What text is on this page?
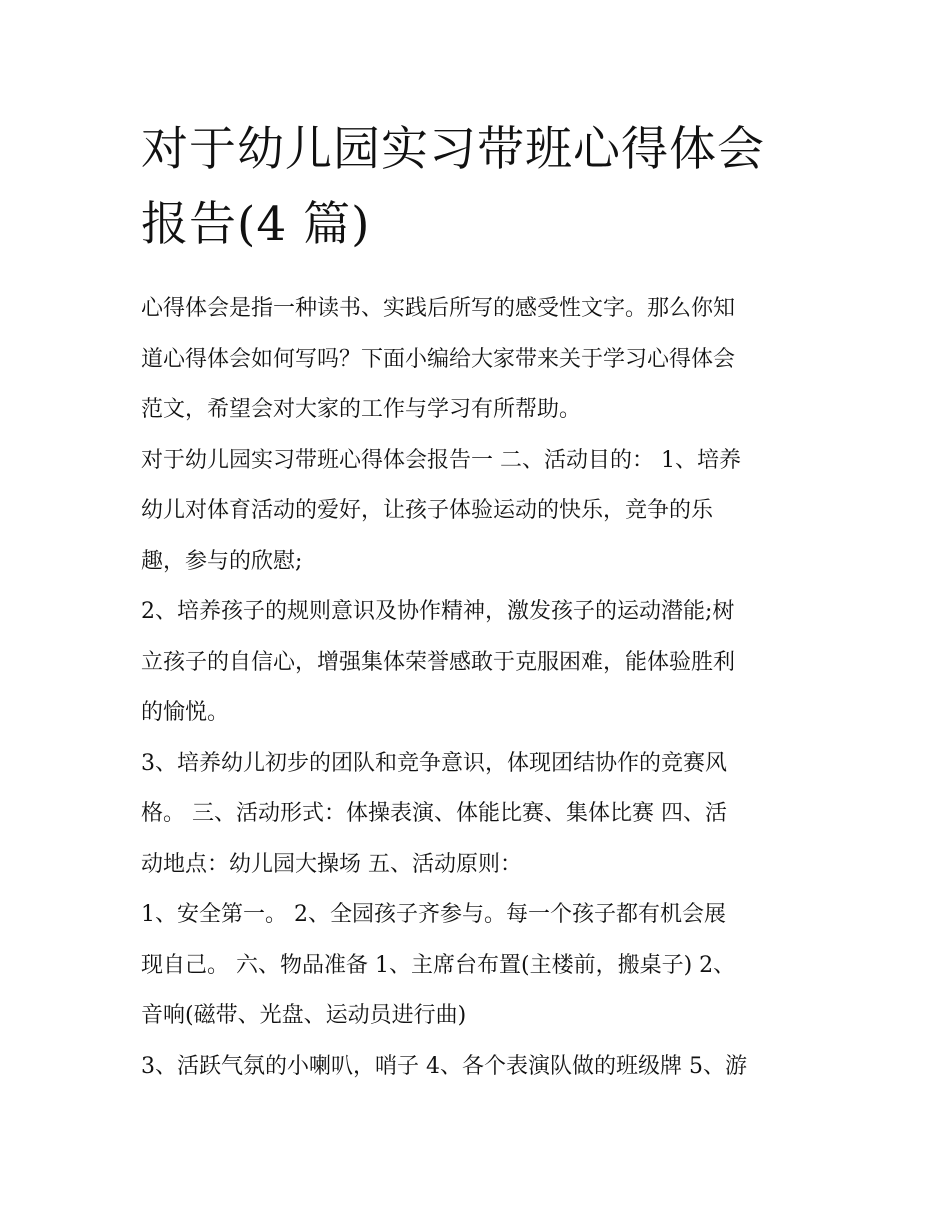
对于幼儿园实习带班心得体会
报告(4 篇)

心得体会是指一种读书、实践后所写的感受性文字。那么你知
道心得体会如何写吗？下面小编给大家带来关于学习心得体会
范文，希望会对大家的工作与学习有所帮助。

对于幼儿园实习带班心得体会报告一 二、活动目的： 1、培养
幼儿对体育活动的爱好，让孩子体验运动的快乐，竞争的乐
趣，参与的欣慰;

2、培养孩子的规则意识及协作精神，激发孩子的运动潜能;树
立孩子的自信心，增强集体荣誉感敢于克服困难，能体验胜利
的愉悦。

3、培养幼儿初步的团队和竞争意识，体现团结协作的竞赛风
格。 三、活动形式：体操表演、体能比赛、集体比赛 四、活
动地点：幼儿园大操场 五、活动原则：

1、安全第一。 2、全园孩子齐参与。每一个孩子都有机会展
现自己。 六、物品准备 1、主席台布置(主楼前，搬桌子) 2、
音响(磁带、光盘、运动员进行曲)

3、活跃气氛的小喇叭，哨子 4、各个表演队做的班级牌 5、游
